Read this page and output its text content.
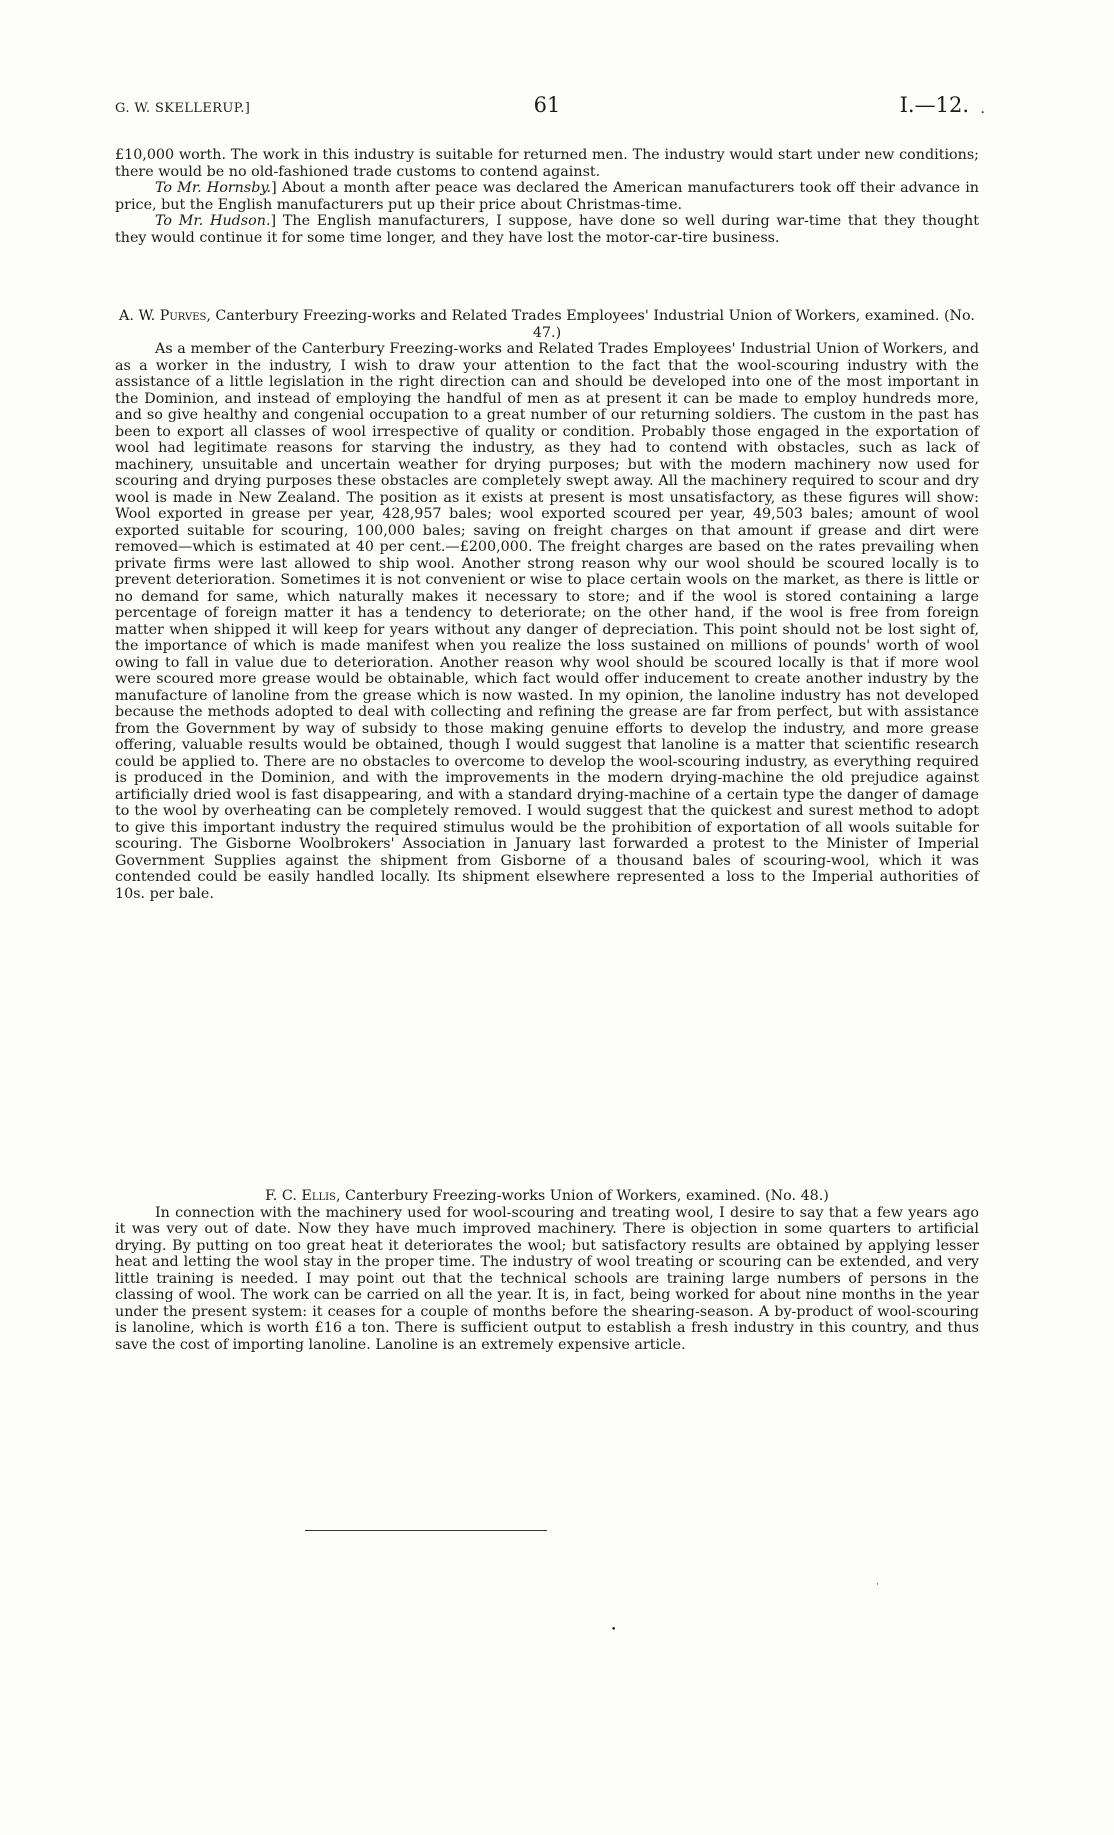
G. W. SKELLERUP.]	61	I.—12. ·

£10,000 worth. The work in this industry is suitable for returned men. The industry would start under new conditions; there would be no old-fashioned trade customs to contend against.

To Mr. Hornsby.] About a month after peace was declared the American manufacturers took off their advance in price, but the English manufacturers put up their price about Christmas-time.

To Mr. Hudson.] The English manufacturers, I suppose, have done so well during war-time that they thought they would continue it for some time longer, and they have lost the motor-car-tire business.

A. W. Purves, Canterbury Freezing-works and Related Trades Employees' Industrial Union of Workers, examined. (No. 47.)

As a member of the Canterbury Freezing-works and Related Trades Employees' Industrial Union of Workers, and as a worker in the industry, I wish to draw your attention to the fact that the wool-scouring industry with the assistance of a little legislation in the right direction can and should be developed into one of the most important in the Dominion, and instead of employing the handful of men as at present it can be made to employ hundreds more, and so give healthy and congenial occupation to a great number of our returning soldiers. The custom in the past has been to export all classes of wool irrespective of quality or condition. Probably those engaged in the exportation of wool had legitimate reasons for starving the industry, as they had to contend with obstacles, such as lack of machinery, unsuitable and uncertain weather for drying purposes; but with the modern machinery now used for scouring and drying purposes these obstacles are completely swept away. All the machinery required to scour and dry wool is made in New Zealand. The position as it exists at present is most unsatisfactory, as these figures will show: Wool exported in grease per year, 428,957 bales; wool exported scoured per year, 49,503 bales; amount of wool exported suitable for scouring, 100,000 bales; saving on freight charges on that amount if grease and dirt were removed—which is estimated at 40 per cent.—£200,000. The freight charges are based on the rates prevailing when private firms were last allowed to ship wool. Another strong reason why our wool should be scoured locally is to prevent deterioration. Sometimes it is not convenient or wise to place certain wools on the market, as there is little or no demand for same, which naturally makes it necessary to store; and if the wool is stored containing a large percentage of foreign matter it has a tendency to deteriorate; on the other hand, if the wool is free from foreign matter when shipped it will keep for years without any danger of depreciation. This point should not be lost sight of, the importance of which is made manifest when you realize the loss sustained on millions of pounds' worth of wool owing to fall in value due to deterioration. Another reason why wool should be scoured locally is that if more wool were scoured more grease would be obtainable, which fact would offer inducement to create another industry by the manufacture of lanoline from the grease which is now wasted. In my opinion, the lanoline industry has not developed because the methods adopted to deal with collecting and refining the grease are far from perfect, but with assistance from the Government by way of subsidy to those making genuine efforts to develop the industry, and more grease offering, valuable results would be obtained, though I would suggest that lanoline is a matter that scientific research could be applied to. There are no obstacles to overcome to develop the wool-scouring industry, as everything required is produced in the Dominion, and with the improvements in the modern drying-machine the old prejudice against artificially dried wool is fast disappearing, and with a standard drying-machine of a certain type the danger of damage to the wool by overheating can be completely removed. I would suggest that the quickest and surest method to adopt to give this important industry the required stimulus would be the prohibition of exportation of all wools suitable for scouring. The Gisborne Woolbrokers' Association in January last forwarded a protest to the Minister of Imperial Government Supplies against the shipment from Gisborne of a thousand bales of scouring-wool, which it was contended could be easily handled locally. Its shipment elsewhere represented a loss to the Imperial authorities of 10s. per bale.

F. C. Ellis, Canterbury Freezing-works Union of Workers, examined. (No. 48.)

In connection with the machinery used for wool-scouring and treating wool, I desire to say that a few years ago it was very out of date. Now they have much improved machinery. There is objection in some quarters to artificial drying. By putting on too great heat it deteriorates the wool; but satisfactory results are obtained by applying lesser heat and letting the wool stay in the proper time. The industry of wool treating or scouring can be extended, and very little training is needed. I may point out that the technical schools are training large numbers of persons in the classing of wool. The work can be carried on all the year. It is, in fact, being worked for about nine months in the year under the present system: it ceases for a couple of months before the shearing-season. A by-product of wool-scouring is lanoline, which is worth £16 a ton. There is sufficient output to establish a fresh industry in this country, and thus save the cost of importing lanoline. Lanoline is an extremely expensive article.

·
•
